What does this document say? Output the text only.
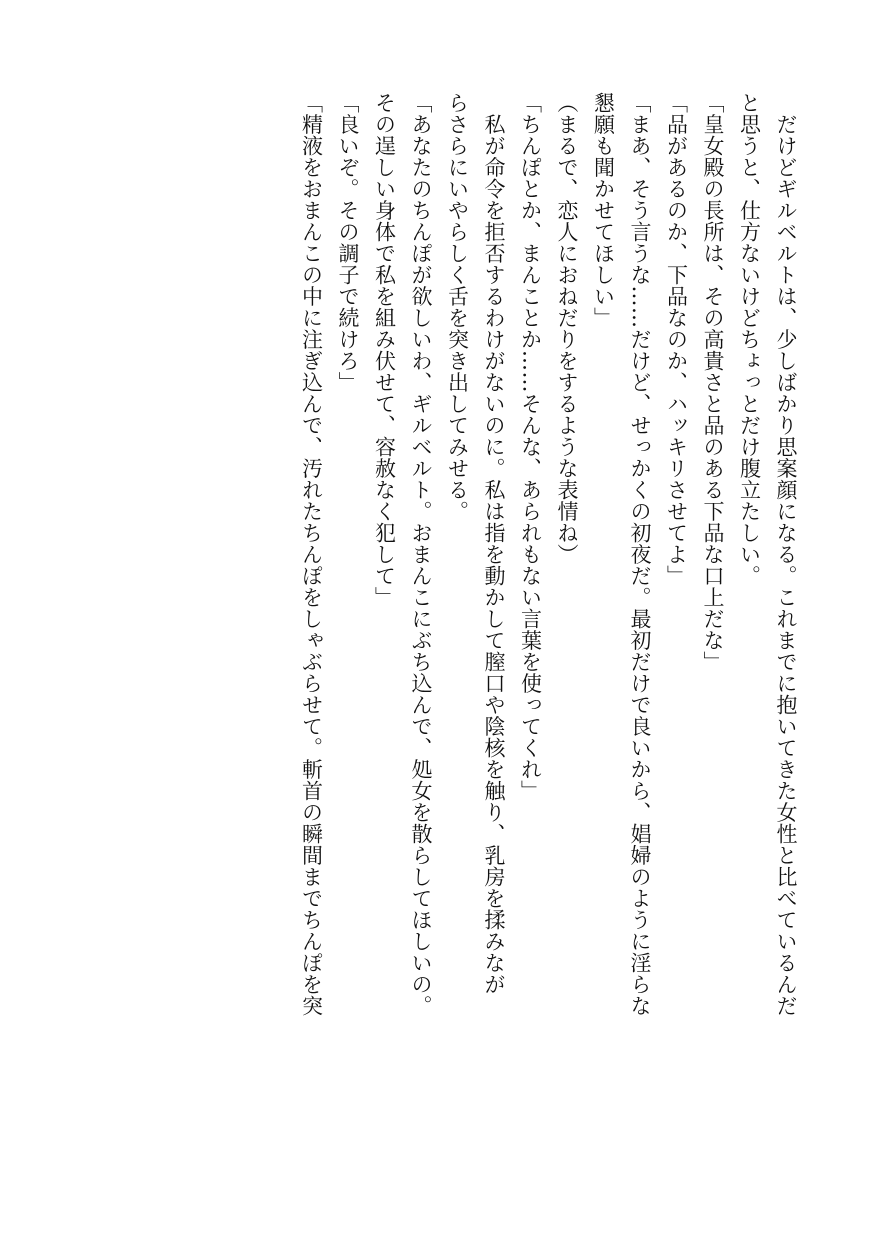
　だけどギルベルトは、少しばかり思案顔になる。これまでに抱いてきた女性と比べているんだ
と思うと、仕方ないけどちょっとだけ腹立たしい。
「皇女殿の長所は、その高貴さと品のある下品な口上だな」
「品があるのか、下品なのか、ハッキリさせてよ」
「まあ、そう言うな……だけど、せっかくの初夜だ。最初だけで良いから、娼婦のように淫らな
懇願も聞かせてほしい」
（まるで、恋人におねだりをするような表情ね）
「ちんぽとか、まんことか……そんな、あられもない言葉を使ってくれ」
　私が命令を拒否するわけがないのに。私は指を動かして膣口や陰核を触り、乳房を揉みなが
らさらにいやらしく舌を突き出してみせる。
「あなたのちんぽが欲しいわ、ギルベルト。おまんこにぶち込んで、処女を散らしてほしいの。
その逞しい身体で私を組み伏せて、容赦なく犯して」
「良いぞ。その調子で続けろ」
「精液をおまんこの中に注ぎ込んで、汚れたちんぽをしゃぶらせて。斬首の瞬間までちんぽを突
